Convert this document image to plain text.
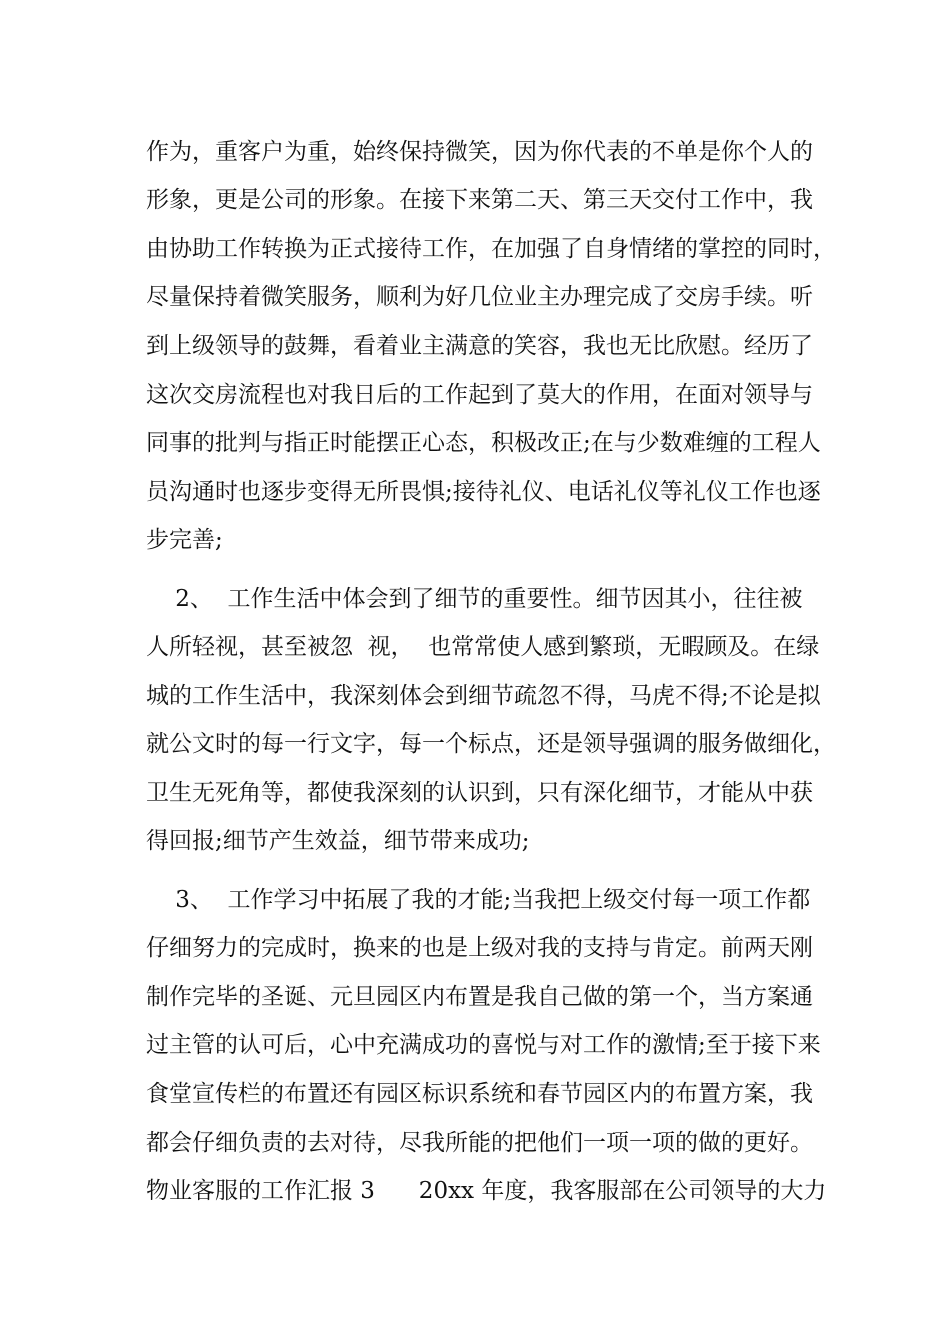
作为，重客户为重，始终保持微笑，因为你代表的不单是你个人的
形象，更是公司的形象。在接下来第二天、第三天交付工作中，我
由协助工作转换为正式接待工作，在加强了自身情绪的掌控的同时，
尽量保持着微笑服务，顺利为好几位业主办理完成了交房手续。听
到上级领导的鼓舞，看着业主满意的笑容，我也无比欣慰。经历了
这次交房流程也对我日后的工作起到了莫大的作用，在面对领导与
同事的批判与指正时能摆正心态，积极改正;在与少数难缠的工程人
员沟通时也逐步变得无所畏惧;接待礼仪、电话礼仪等礼仪工作也逐
步完善;
2、  工作生活中体会到了细节的重要性。细节因其小，往往被
人所轻视，甚至被忽  视，  也常常使人感到繁琐，无暇顾及。在绿
城的工作生活中，我深刻体会到细节疏忽不得，马虎不得;不论是拟
就公文时的每一行文字，每一个标点，还是领导强调的服务做细化，
卫生无死角等，都使我深刻的认识到，只有深化细节，才能从中获
得回报;细节产生效益，细节带来成功;
3、  工作学习中拓展了我的才能;当我把上级交付每一项工作都
仔细努力的完成时，换来的也是上级对我的支持与肯定。前两天刚
制作完毕的圣诞、元旦园区内布置是我自己做的第一个，当方案通
过主管的认可后，心中充满成功的喜悦与对工作的激情;至于接下来
食堂宣传栏的布置还有园区标识系统和春节园区内的布置方案，我
都会仔细负责的去对待，尽我所能的把他们一项一项的做的更好。
物业客服的工作汇报 3      20xx 年度，我客服部在公司领导的大力
